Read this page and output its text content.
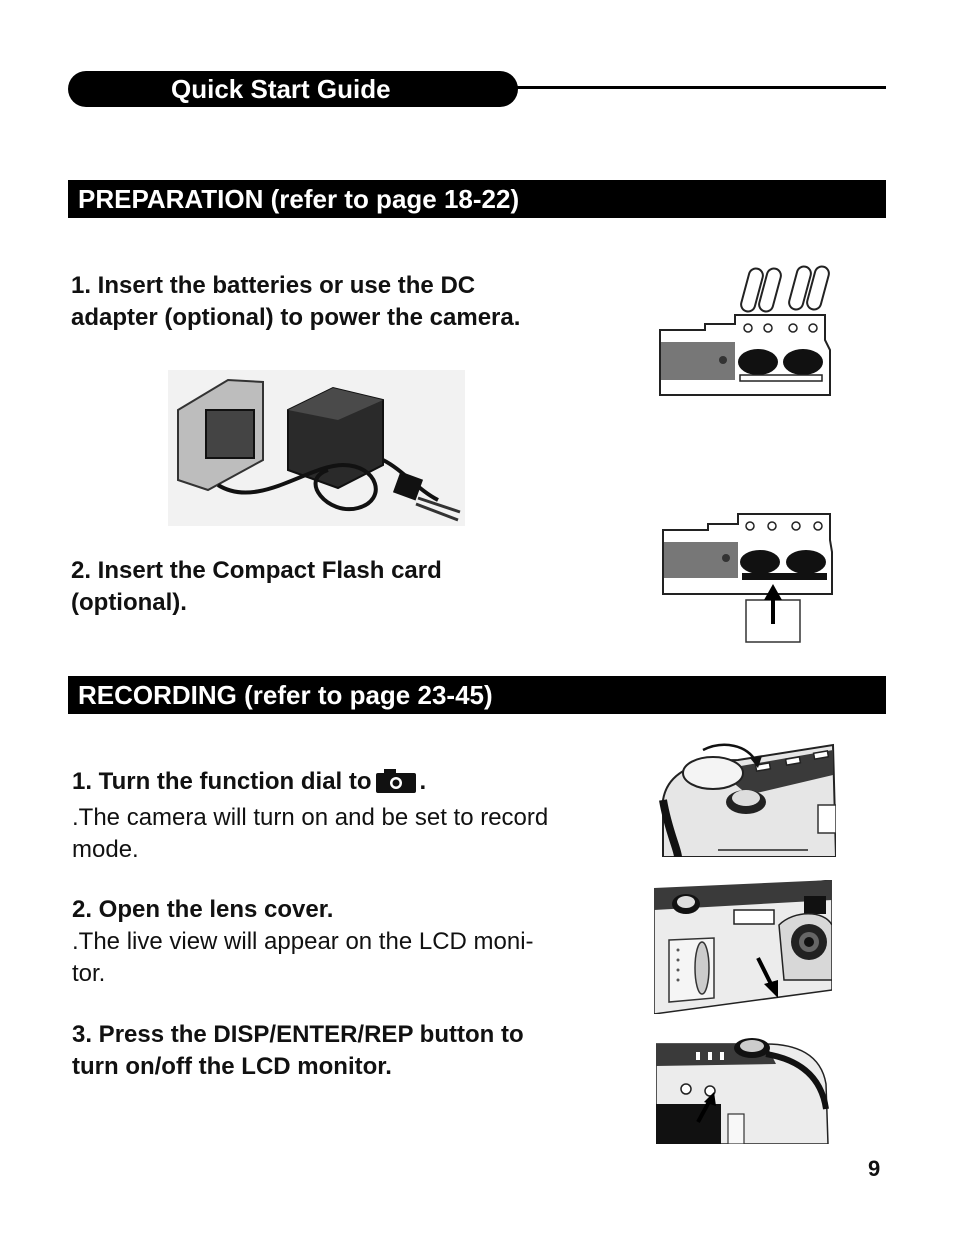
Quick Start Guide
PREPARATION (refer to page 18-22)
1. Insert the batteries or use the DC
adapter (optional) to power the camera.
2. Insert the Compact Flash card
(optional).
RECORDING (refer to page 23-45)
1. Turn the function dial to .
.The camera will turn on and be set to record
mode.
2. Open the lens cover.
.The live view will appear on the LCD moni-
tor.
3. Press the DISP/ENTER/REP button to
turn on/off the LCD monitor.
9
